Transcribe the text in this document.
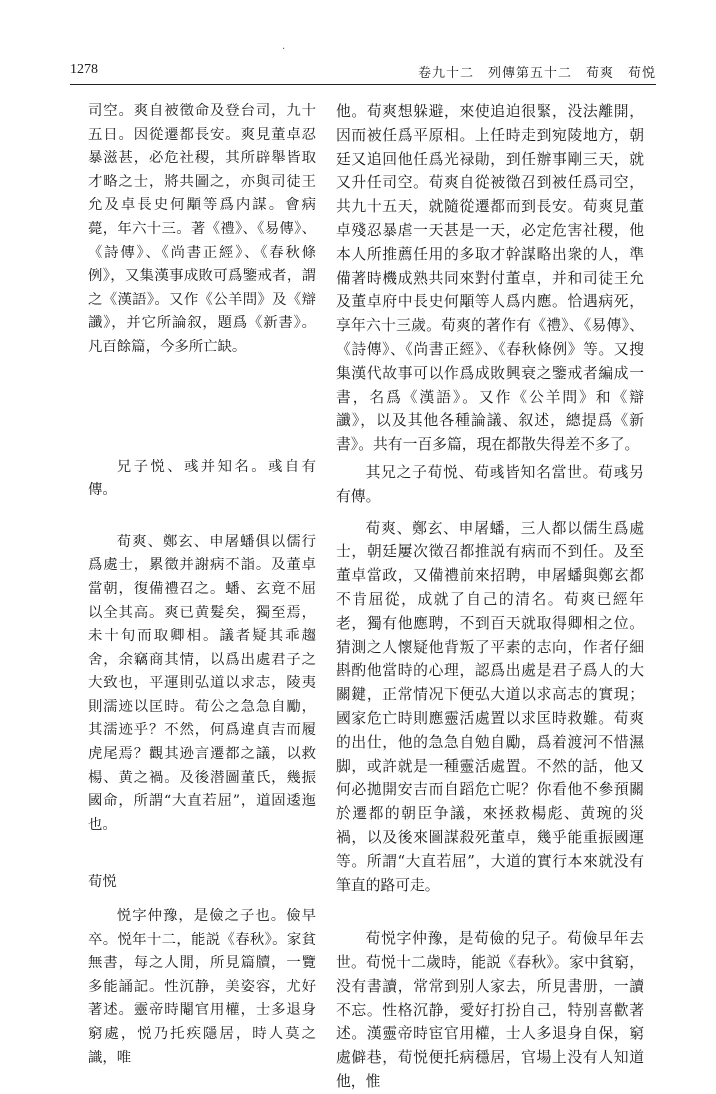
·
1278	卷九十二　列傳第五十二　荀爽　荀悦

司空。爽自被徵命及登台司，九十五日。因從遷都長安。爽見董卓忍暴滋甚，必危社稷，其所辟舉皆取才略之士，將共圖之，亦與司徒王允及卓長史何顒等爲内謀。會病薨，年六十三。著《禮》、《易傳》、《詩傳》、《尚書正經》、《春秋條例》，又集漢事成敗可爲鑒戒者，謂之《漢語》。又作《公羊問》及《辯讖》，并它所論叙，題爲《新書》。凡百餘篇，今多所亡缺。

兄子悦、彧并知名。彧自有傳。

荀爽、鄭玄、申屠蟠俱以儒行爲處士，累徵并謝病不詣。及董卓當朝，復備禮召之。蟠、玄竟不屈以全其高。爽已黄髮矣，獨至焉，未十旬而取卿相。議者疑其乖趨舍，余竊商其情，以爲出處君子之大致也，平運則弘道以求志，陵夷則濡迹以匡時。荀公之急急自勵，其濡迹乎？不然，何爲違貞吉而履虎尾焉？觀其逊言遷都之議，以救楊、黄之禍。及後潜圖董氏，幾振國命，所謂“大直若屈”，道固逶迤也。

荀悦

悦字仲豫，是儉之子也。儉早卒。悦年十二，能説《春秋》。家貧無書，每之人閒，所見篇牘，一覽多能誦記。性沉静，美姿容，尤好著述。靈帝時閹官用權，士多退身窮處，悦乃托疾隱居，時人莫之識，唯

他。荀爽想躲避，來使追迫很緊，没法離開，因而被任爲平原相。上任時走到宛陵地方，朝廷又追回他任爲光禄勛，到任辦事剛三天，就又升任司空。荀爽自從被徵召到被任爲司空，共九十五天，就隨從遷都而到長安。荀爽見董卓殘忍暴虐一天甚是一天，必定危害社稷，他本人所推薦任用的多取才幹謀略出衆的人，準備著時機成熟共同來對付董卓，并和司徒王允及董卓府中長史何顒等人爲内應。恰遇病死，享年六十三歲。荀爽的著作有《禮》、《易傳》、《詩傳》、《尚書正經》、《春秋條例》等。又搜集漢代故事可以作爲成敗興衰之鑒戒者編成一書，名爲《漢語》。又作《公羊問》和《辯讖》，以及其他各種論議、叙述，總提爲《新書》。共有一百多篇，現在都散失得差不多了。

其兄之子荀悦、荀彧皆知名當世。荀彧另有傳。

荀爽、鄭玄、申屠蟠，三人都以儒生爲處士，朝廷屢次徵召都推説有病而不到任。及至董卓當政，又備禮前來招聘，申屠蟠與鄭玄都不肯屈從，成就了自己的清名。荀爽已經年老，獨有他應聘，不到百天就取得卿相之位。猜測之人懷疑他背叛了平素的志向，作者仔細斟酌他當時的心理，認爲出處是君子爲人的大關鍵，正常情况下便弘大道以求高志的實現；國家危亡時則應靈活處置以求匡時救難。荀爽的出仕，他的急急自勉自勵，爲着渡河不惜濕脚，或許就是一種靈活處置。不然的話，他又何必拋開安吉而自蹈危亡呢？你看他不參預關於遷都的朝臣争議，來拯救楊彪、黄琬的災禍，以及後來圖謀殺死董卓，幾乎能重振國運等。所謂“大直若屈”，大道的實行本來就没有筆直的路可走。

荀悦字仲豫，是荀儉的兒子。荀儉早年去世。荀悦十二歲時，能説《春秋》。家中貧窮，没有書讀，常常到别人家去，所見書册，一讀不忘。性格沉静，愛好打扮自己，特别喜歡著述。漢靈帝時宦官用權，士人多退身自保，窮處僻巷，荀悦便托病穩居，官場上没有人知道他，惟
